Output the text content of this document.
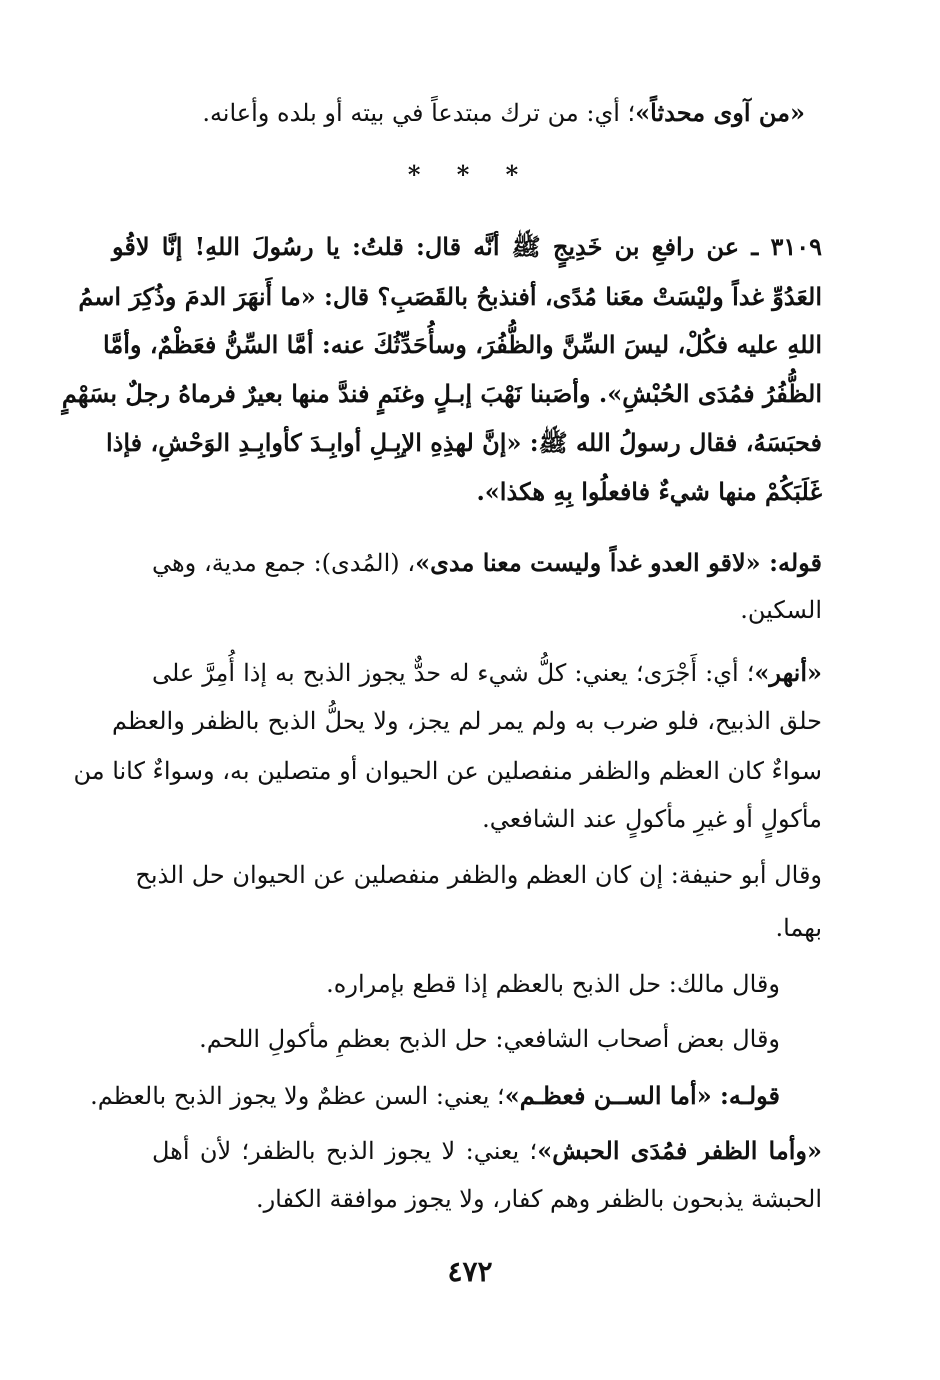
«من آوى محدثاً»؛ أي: من ترك مبتدعاً في بيته أو بلده وأعانه.
* * *
٣١٠٩ ـ عن رافعِ بن خَدِيجٍ ﷺ أنَّه قال: قلتُ: يا رسُولَ اللهِ! إنَّا لاقُو
العَدُوِّ غداً وليْسَتْ معَنا مُدًى، أفنذبحُ بالقَصَبِ؟ قال: «ما أَنهَرَ الدمَ وذُكِرَ اسمُ
اللهِ عليه فكُلْ، ليسَ السِّنَّ والظُّفُرَ، وسأُحَدِّثُكَ عنه: أمَّا السِّنُّ فعَظْمٌ، وأمَّا
الظُّفُرُ فمُدَى الحُبْشِ». وأصَبنا نَهْبَ إبـلٍ وغنَمٍ فندَّ منها بعيرٌ فرماهُ رجلٌ بسَهْمٍ
فحبَسَهُ، فقال رسولُ الله ﷺ: «إنَّ لهذِهِ الإبِـلِ أوابِـدَ كأوابِـدِ الوَحْشِ، فإذا
غَلَبَكُمْ منها شيءٌ فافعلُوا بِهِ هكذا».
قوله: «لاقو العدو غداً وليست معنا مدى»، (المُدى): جمع مدية، وهي
السكين.
«أنهر»؛ أي: أَجْرَى؛ يعني: كلُّ شيء له حدٌّ يجوز الذبح به إذا أُمِرَّ على
حلق الذبيح، فلو ضرب به ولم يمر لم يجز، ولا يحلُّ الذبح بالظفر والعظم
سواءٌ كان العظم والظفر منفصلين عن الحيوان أو متصلين به، وسواءٌ كانا من
مأكولٍ أو غيرِ مأكولٍ عند الشافعي.
وقال أبو حنيفة: إن كان العظم والظفر منفصلين عن الحيوان حل الذبح
بهما.
وقال مالك: حل الذبح بالعظم إذا قطع بإمراره.
وقال بعض أصحاب الشافعي: حل الذبح بعظمِ مأكولِ اللحم.
قولـه: «أما الســن فعظـم»؛ يعني: السن عظمٌ ولا يجوز الذبح بالعظم.
«وأما الظفر فمُدَى الحبش»؛ يعني: لا يجوز الذبح بالظفر؛ لأن أهل
الحبشة يذبحون بالظفر وهم كفار، ولا يجوز موافقة الكفار.
٤٧٢
